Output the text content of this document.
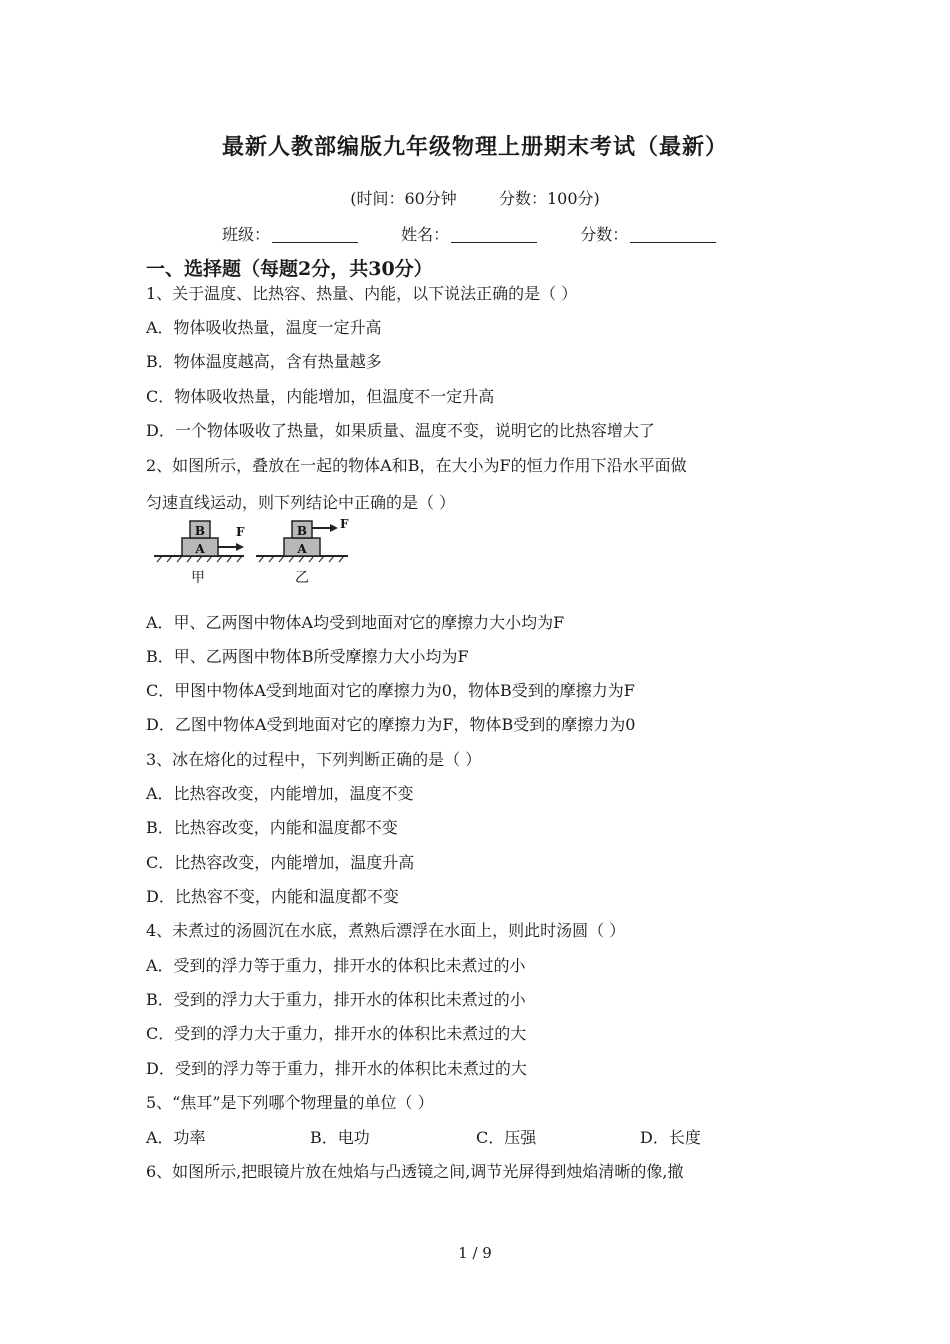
最新人教部编版九年级物理上册期末考试（最新）
(时间：60分钟	分数：100分)
班级：	姓名：	分数：
一、选择题（每题2分，共30分）
1、关于温度、比热容、热量、内能，以下说法正确的是（ ）
A．物体吸收热量，温度一定升高
B．物体温度越高，含有热量越多
C．物体吸收热量，内能增加，但温度不一定升高
D．一个物体吸收了热量，如果质量、温度不变，说明它的比热容增大了
2、如图所示，叠放在一起的物体A和B，在大小为F的恒力作用下沿水平面做
匀速直线运动，则下列结论中正确的是（ ）
A
B	F
甲
A
B	F
乙
A．甲、乙两图中物体A均受到地面对它的摩擦力大小均为F
B．甲、乙两图中物体B所受摩擦力大小均为F
C．甲图中物体A受到地面对它的摩擦力为0，物体B受到的摩擦力为F
D．乙图中物体A受到地面对它的摩擦力为F，物体B受到的摩擦力为0
3、冰在熔化的过程中，下列判断正确的是（ ）
A．比热容改变，内能增加，温度不变
B．比热容改变，内能和温度都不变
C．比热容改变，内能增加，温度升高
D．比热容不变，内能和温度都不变
4、未煮过的汤圆沉在水底，煮熟后漂浮在水面上，则此时汤圆（ ）
A．受到的浮力等于重力，排开水的体积比未煮过的小
B．受到的浮力大于重力，排开水的体积比未煮过的小
C．受到的浮力大于重力，排开水的体积比未煮过的大
D．受到的浮力等于重力，排开水的体积比未煮过的大
5、“焦耳”是下列哪个物理量的单位（ ）
A．功率	B．电功	C．压强	D．长度
6、如图所示,把眼镜片放在烛焰与凸透镜之间,调节光屏得到烛焰清晰的像,撤
1 / 9
